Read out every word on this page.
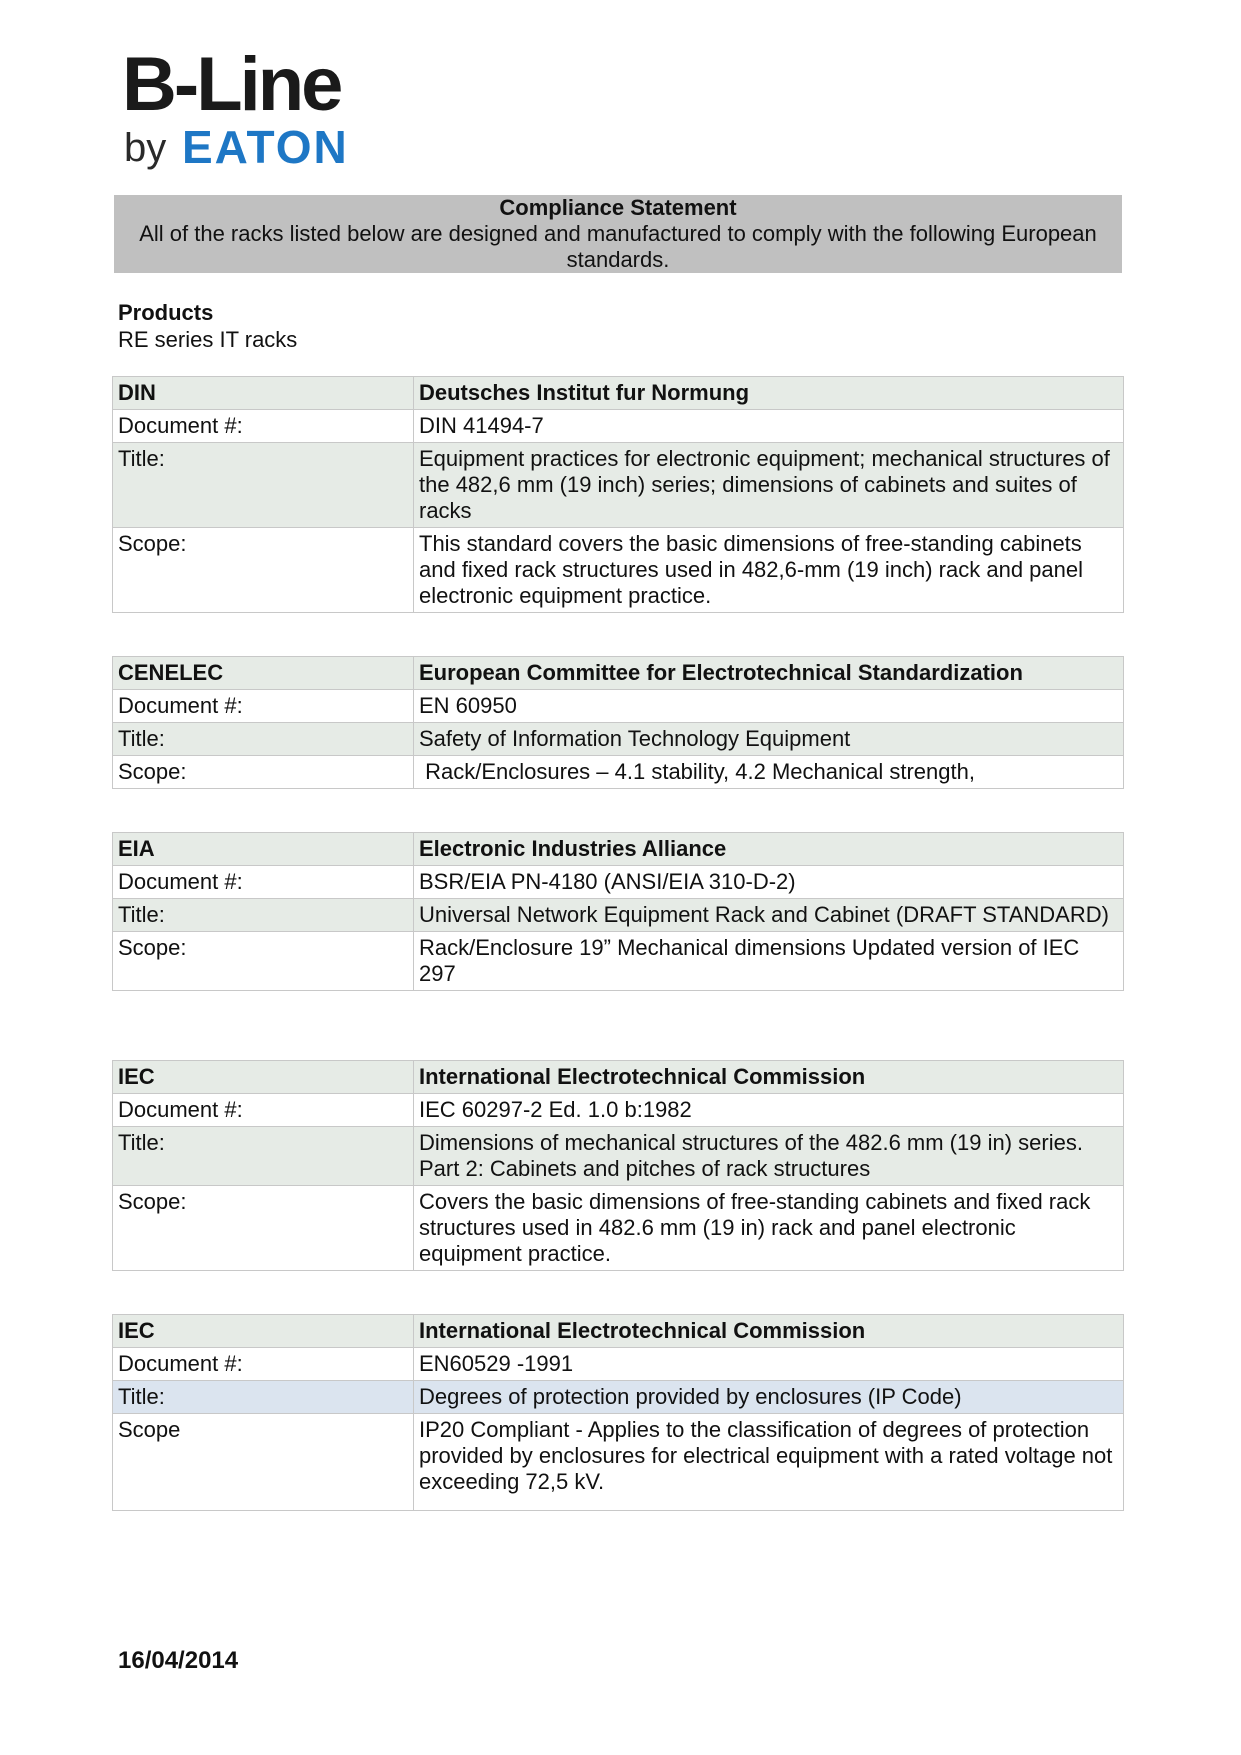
B-Line
by EATON
Compliance Statement
All of the racks listed below are designed and manufactured to comply with the following European standards.
Products
RE series IT racks
DIN	Deutsches Institut fur Normung
Document #:	DIN 41494-7
Title:	Equipment practices for electronic equipment; mechanical structures of the 482,6 mm (19 inch) series; dimensions of cabinets and suites of racks
Scope:	This standard covers the basic dimensions of free-standing cabinets and fixed rack structures used in 482,6-mm (19 inch) rack and panel electronic equipment practice.
CENELEC	European Committee for Electrotechnical Standardization
Document #:	EN 60950
Title:	Safety of Information Technology Equipment
Scope:	Rack/Enclosures – 4.1 stability, 4.2 Mechanical strength,
EIA	Electronic Industries Alliance
Document #:	BSR/EIA PN-4180 (ANSI/EIA 310-D-2)
Title:	Universal Network Equipment Rack and Cabinet (DRAFT STANDARD)
Scope:	Rack/Enclosure 19” Mechanical dimensions Updated version of IEC 297
IEC	International Electrotechnical Commission
Document #:	IEC 60297-2 Ed. 1.0 b:1982
Title:	Dimensions of mechanical structures of the 482.6 mm (19 in) series. Part 2: Cabinets and pitches of rack structures
Scope:	Covers the basic dimensions of free-standing cabinets and fixed rack structures used in 482.6 mm (19 in) rack and panel electronic equipment practice.
IEC	International Electrotechnical Commission
Document #:	EN60529 -1991
Title:	Degrees of protection provided by enclosures (IP Code)
Scope	IP20 Compliant - Applies to the classification of degrees of protection provided by enclosures for electrical equipment with a rated voltage not exceeding 72,5 kV.
16/04/2014
